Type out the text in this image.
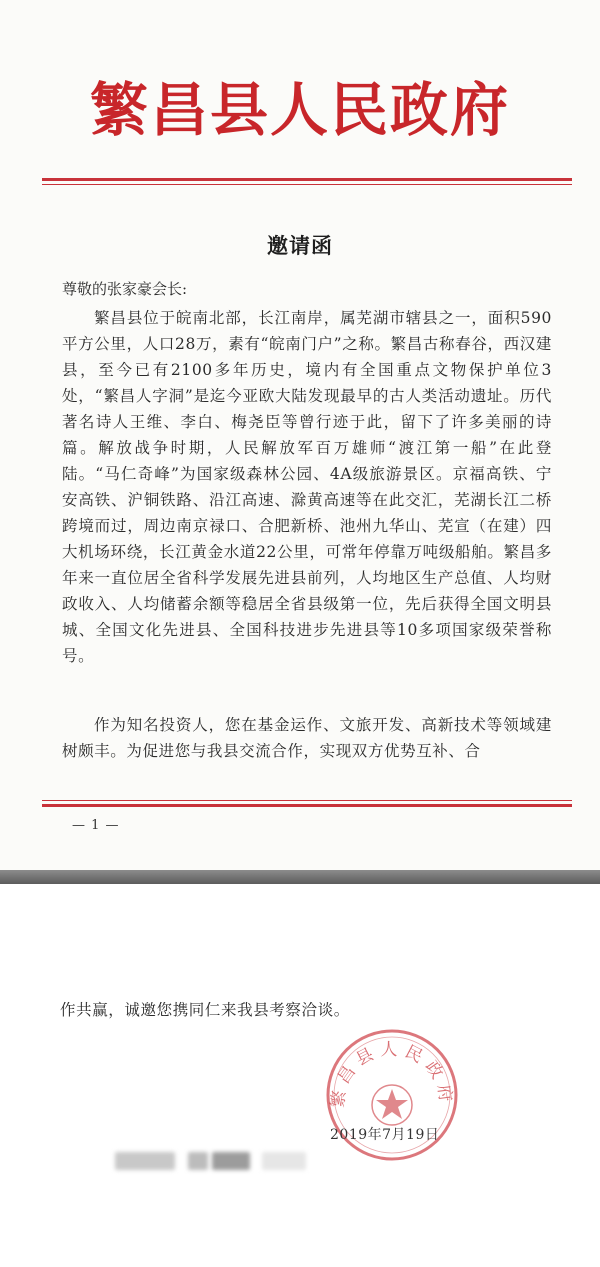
繁昌县人民政府
邀请函
尊敬的张家豪会长:

繁昌县位于皖南北部，长江南岸，属芜湖市辖县之一，面积590平方公里，人口28万，素有“皖南门户”之称。繁昌古称春谷，西汉建县，至今已有2100多年历史，境内有全国重点文物保护单位3处，“繁昌人字洞”是迄今亚欧大陆发现最早的古人类活动遗址。历代著名诗人王维、李白、梅尧臣等曾行迹于此，留下了许多美丽的诗篇。解放战争时期，人民解放军百万雄师“渡江第一船”在此登陆。“马仁奇峰”为国家级森林公园、4A级旅游景区。京福高铁、宁安高铁、沪铜铁路、沿江高速、滁黄高速等在此交汇，芜湖长江二桥跨境而过，周边南京禄口、合肥新桥、池州九华山、芜宣（在建）四大机场环绕，长江黄金水道22公里，可常年停靠万吨级船舶。繁昌多年来一直位居全省科学发展先进县前列，人均地区生产总值、人均财政收入、人均储蓄余额等稳居全省县级第一位，先后获得全国文明县城、全国文化先进县、全国科技进步先进县等10多项国家级荣誉称号。

作为知名投资人，您在基金运作、文旅开发、高新技术等领域建树颇丰。为促进您与我县交流合作，实现双方优势互补、合

— 1 —
作共赢，诚邀您携同仁来我县考察洽谈。
繁昌县人民政府
2019年7月19日
